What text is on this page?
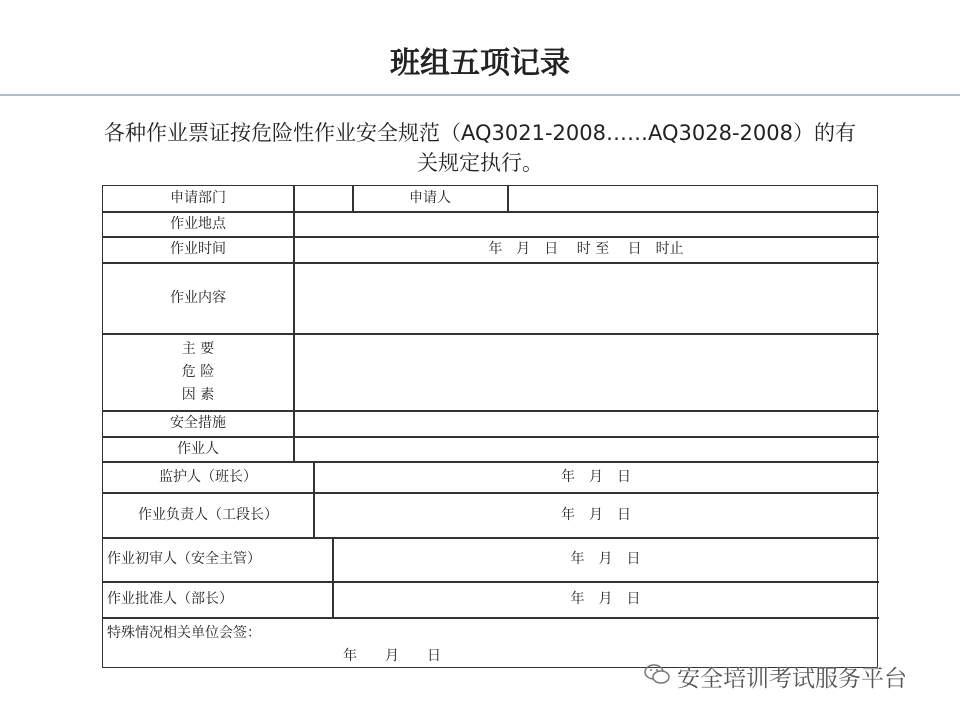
班组五项记录
各种作业票证按危险性作业安全规范（AQ3021-2008……AQ3028-2008）的有关规定执行。
申请部门	申请人
作业地点
作业时间	年　月　日　 时 至　 日　时止
作业内容
主 要
危 险
因 素
安全措施
作业人
监护人（班长）	年　月　日
作业负责人（工段长）	年　月　日
作业初审人（安全主管）	年　月　日
作业批准人（部长）	年　月　日
特殊情况相关单位会签：
年　　月　　日
安全培训考试服务平台
